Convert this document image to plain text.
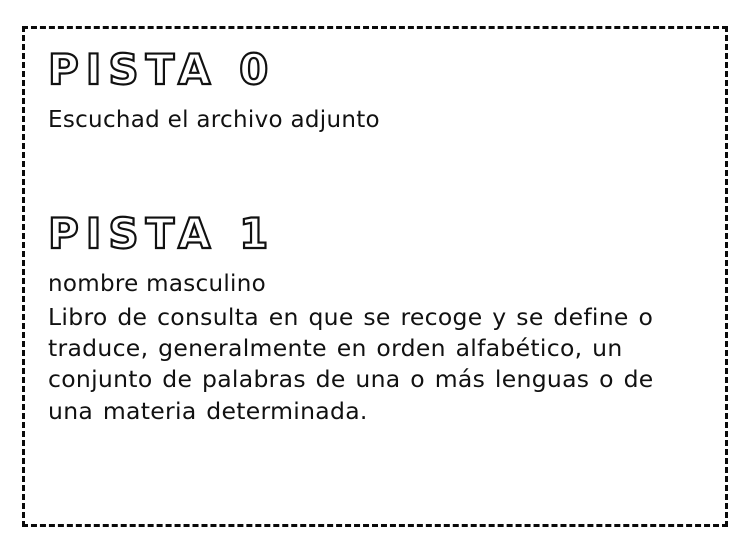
PISTA 0

Escuchad el archivo adjunto

PISTA 1

nombre masculino

Libro de consulta en que se recoge y se define o traduce, generalmente en orden alfabético, un conjunto de palabras de una o más lenguas o de una materia determinada.
